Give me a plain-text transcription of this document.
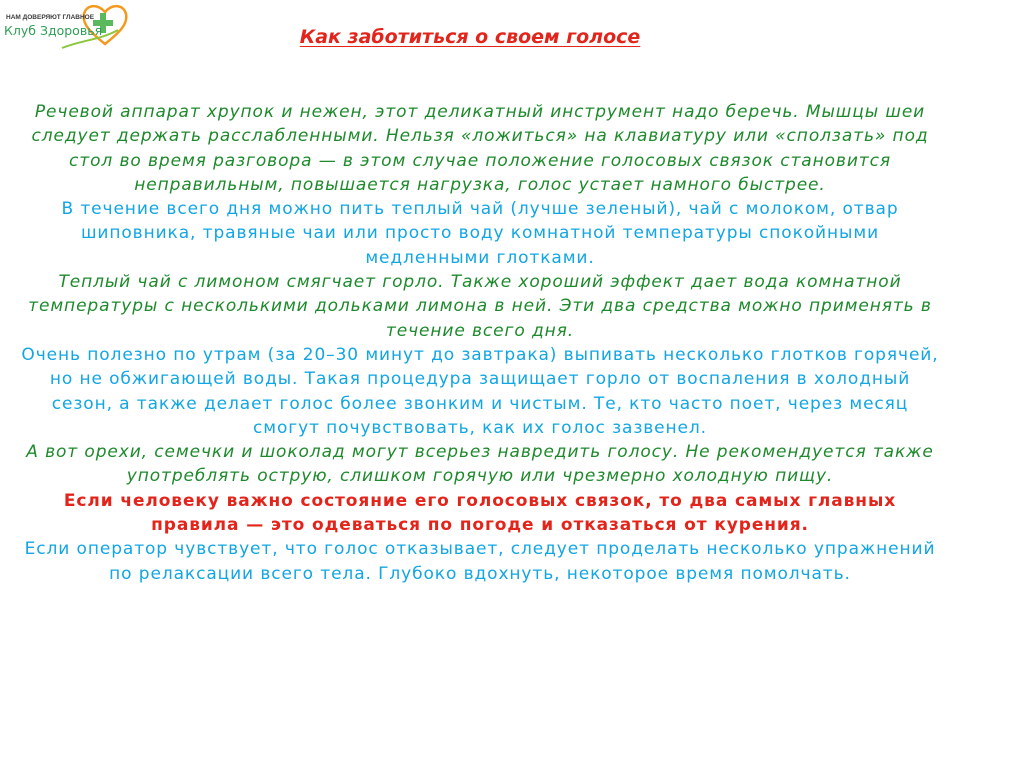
НАМ ДОВЕРЯЮТ ГЛАВНОЕ
Клуб Здоровья	Как заботиться о своем голосе

Речевой аппарат хрупок и нежен, этот деликатный инструмент надо беречь. Мышцы шеи следует держать расслабленными. Нельзя «ложиться» на клавиатуру или «сползать» под стол во время разговора — в этом случае положение голосовых связок становится неправильным, повышается нагрузка, голос устает намного быстрее.

В течение всего дня можно пить теплый чай (лучше зеленый), чай с молоком, отвар шиповника, травяные чаи или просто воду комнатной температуры спокойными медленными глотками.

Теплый чай с лимоном смягчает горло. Также хороший эффект дает вода комнатной температуры с несколькими дольками лимона в ней. Эти два средства можно применять в течение всего дня.

Очень полезно по утрам (за 20–30 минут до завтрака) выпивать несколько глотков горячей, но не обжигающей воды. Такая процедура защищает горло от воспаления в холодный сезон, а также делает голос более звонким и чистым. Те, кто часто поет, через месяц смогут почувствовать, как их голос зазвенел.

А вот орехи, семечки и шоколад могут всерьез навредить голосу. Не рекомендуется также употреблять острую, слишком горячую или чрезмерно холодную пищу.

Если человеку важно состояние его голосовых связок, то два самых главных правила — это одеваться по погоде и отказаться от курения.

Если оператор чувствует, что голос отказывает, следует проделать несколько упражнений по релаксации всего тела. Глубоко вдохнуть, некоторое время помолчать.
